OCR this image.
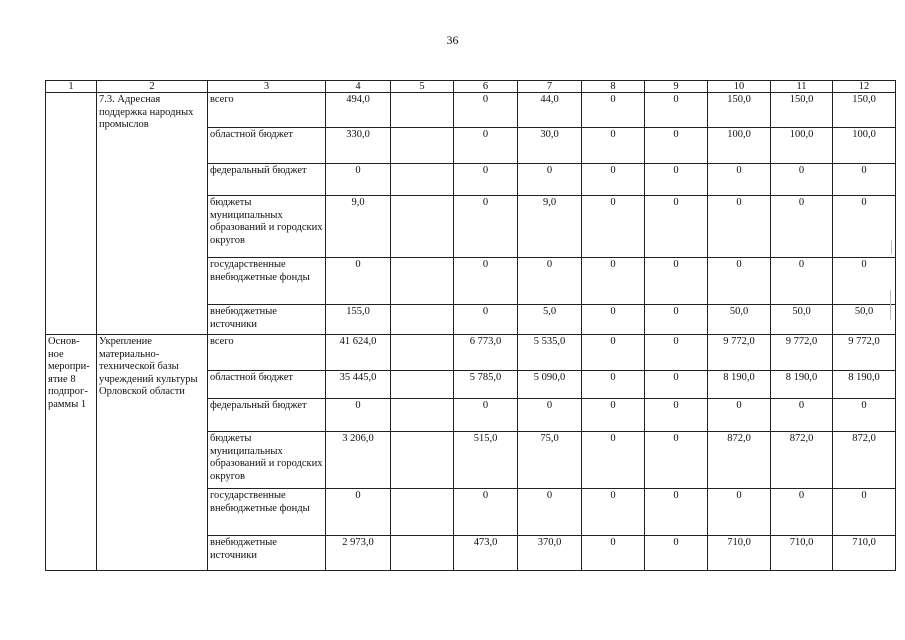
36
1	2	3	4	5	6	7	8	9	10	11	12
	7.3. Адресная поддержка народных промыслов	всего	494,0		0	44,0	0	0	150,0	150,0	150,0
		областной бюджет	330,0		0	30,0	0	0	100,0	100,0	100,0
		федеральный бюджет	0		0	0	0	0	0	0	0
		бюджеты муниципальных образований и городских округов	9,0		0	9,0	0	0	0	0	0
		государственные внебюджетные фонды	0		0	0	0	0	0	0	0
		внебюджетные источники	155,0		0	5,0	0	0	50,0	50,0	50,0
Основ-ное меропри-ятие 8 подпрог-раммы 1	Укрепление материально-технической базы учреждений культуры Орловской области	всего	41 624,0		6 773,0	5 535,0	0	0	9 772,0	9 772,0	9 772,0
		областной бюджет	35 445,0		5 785,0	5 090,0	0	0	8 190,0	8 190,0	8 190,0
		федеральный бюджет	0		0	0	0	0	0	0	0
		бюджеты муниципальных образований и городских округов	3 206,0		515,0	75,0	0	0	872,0	872,0	872,0
		государственные внебюджетные фонды	0		0	0	0	0	0	0	0
		внебюджетные источники	2 973,0		473,0	370,0	0	0	710,0	710,0	710,0
